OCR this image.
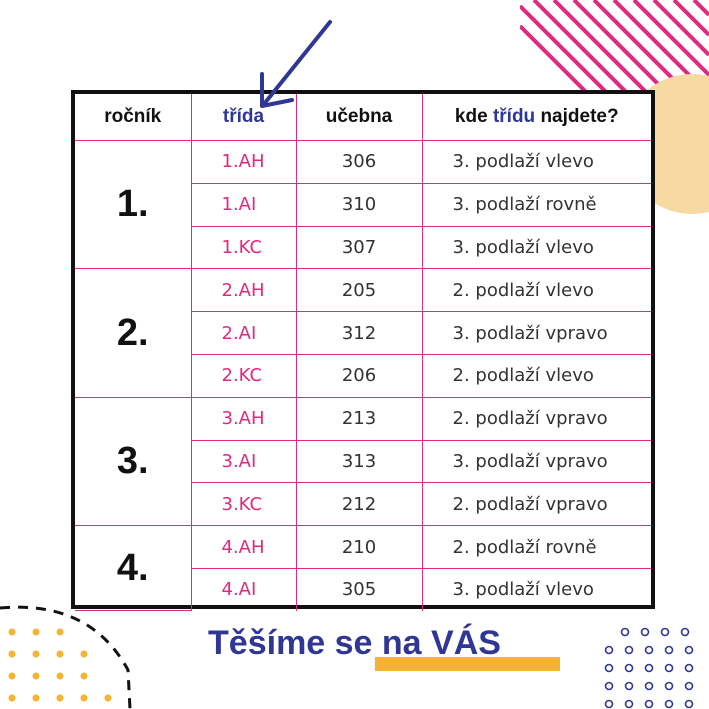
ročník	třída	učebna	kde třídu najdete?
1.	1.AH	306	3. podlaží vlevo
	1.AI	310	3. podlaží rovně
	1.KC	307	3. podlaží vlevo
2.	2.AH	205	2. podlaží vlevo
	2.AI	312	3. podlaží vpravo
	2.KC	206	2. podlaží vlevo
3.	3.AH	213	2. podlaží vpravo
	3.AI	313	3. podlaží vpravo
	3.KC	212	2. podlaží vpravo
4.	4.AH	210	2. podlaží rovně
	4.AI	305	3. podlaží vlevo
Těšíme se na VÁS
